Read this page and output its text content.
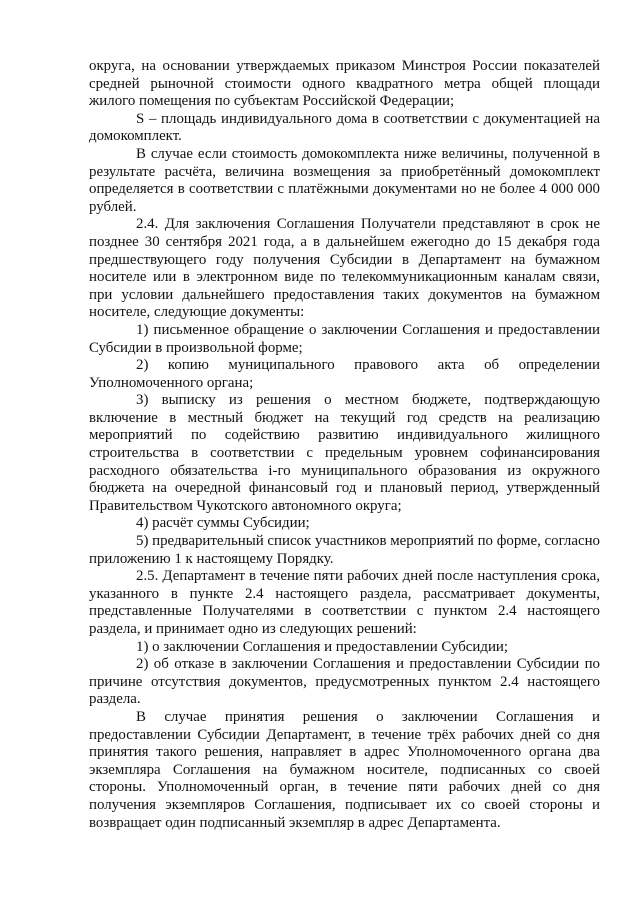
округа, на основании утверждаемых приказом Минстроя России показателей средней рыночной стоимости одного квадратного метра общей площади жилого помещения по субъектам Российской Федерации;

S – площадь индивидуального дома в соответствии с документацией на домокомплект.

В случае если стоимость домокомплекта ниже величины, полученной в результате расчёта, величина возмещения за приобретённый домокомплект определяется в соответствии с платёжными документами но не более 4 000 000 рублей.

2.4. Для заключения Соглашения Получатели представляют в срок не позднее 30 сентября 2021 года, а в дальнейшем ежегодно до 15 декабря года предшествующего году получения Субсидии в Департамент на бумажном носителе или в электронном виде по телекоммуникационным каналам связи, при условии дальнейшего предоставления таких документов на бумажном носителе, следующие документы:

1) письменное обращение о заключении Соглашения и предоставлении Субсидии в произвольной форме;

2) копию муниципального правового акта об определении Уполномоченного органа;

3) выписку из решения о местном бюджете, подтверждающую включение в местный бюджет на текущий год средств на реализацию мероприятий по содействию развитию индивидуального жилищного строительства в соответствии с предельным уровнем софинансирования расходного обязательства i-го муниципального образования из окружного бюджета на очередной финансовый год и плановый период, утвержденный Правительством Чукотского автономного округа;

4) расчёт суммы Субсидии;

5) предварительный список участников мероприятий по форме, согласно приложению 1 к настоящему Порядку.

2.5. Департамент в течение пяти рабочих дней после наступления срока, указанного в пункте 2.4 настоящего раздела, рассматривает документы, представленные Получателями в соответствии с пунктом 2.4 настоящего раздела, и принимает одно из следующих решений:

1) о заключении Соглашения и предоставлении Субсидии;

2) об отказе в заключении Соглашения и предоставлении Субсидии по причине отсутствия документов, предусмотренных пунктом 2.4 настоящего раздела.

В случае принятия решения о заключении Соглашения и предоставлении Субсидии Департамент, в течение трёх рабочих дней со дня принятия такого решения, направляет в адрес Уполномоченного органа два экземпляра Соглашения на бумажном носителе, подписанных со своей стороны. Уполномоченный орган, в течение пяти рабочих дней со дня получения экземпляров Соглашения, подписывает их со своей стороны и возвращает один подписанный экземпляр в адрес Департамента.
